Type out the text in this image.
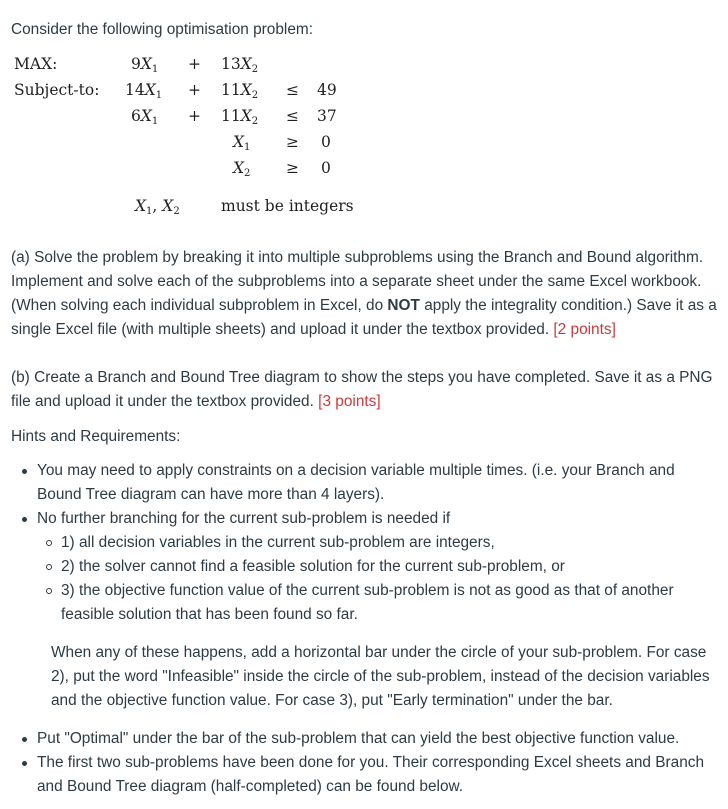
Consider the following optimisation problem:

MAX:	$9X_1 + 13X_2$
Subject-to: $14X_1 + 11X_2 \le 49$
$6X_1 + 11X_2 \le 37$
$X_1 \ge 0$
$X_2 \ge 0$
$X_1$, $X_2$	must be integers

(a) Solve the problem by breaking it into multiple subproblems using the Branch and Bound algorithm. Implement and solve each of the subproblems into a separate sheet under the same Excel workbook. (When solving each individual subproblem in Excel, do NOT apply the integrality condition.) Save it as a single Excel file (with multiple sheets) and upload it under the textbox provided. [2 points]

(b) Create a Branch and Bound Tree diagram to show the steps you have completed. Save it as a PNG file and upload it under the textbox provided. [3 points]

Hints and Requirements:

You may need to apply constraints on a decision variable multiple times. (i.e. your Branch and Bound Tree diagram can have more than 4 layers).
No further branching for the current sub-problem is needed if
1) all decision variables in the current sub-problem are integers,
2) the solver cannot find a feasible solution for the current sub-problem, or
3) the objective function value of the current sub-problem is not as good as that of another feasible solution that has been found so far.

When any of these happens, add a horizontal bar under the circle of your sub-problem. For case 2), put the word "Infeasible" inside the circle of the sub-problem, instead of the decision variables and the objective function value. For case 3), put "Early termination" under the bar.

Put "Optimal" under the bar of the sub-problem that can yield the best objective function value.
The first two sub-problems have been done for you. Their corresponding Excel sheets and Branch and Bound Tree diagram (half-completed) can be found below.
